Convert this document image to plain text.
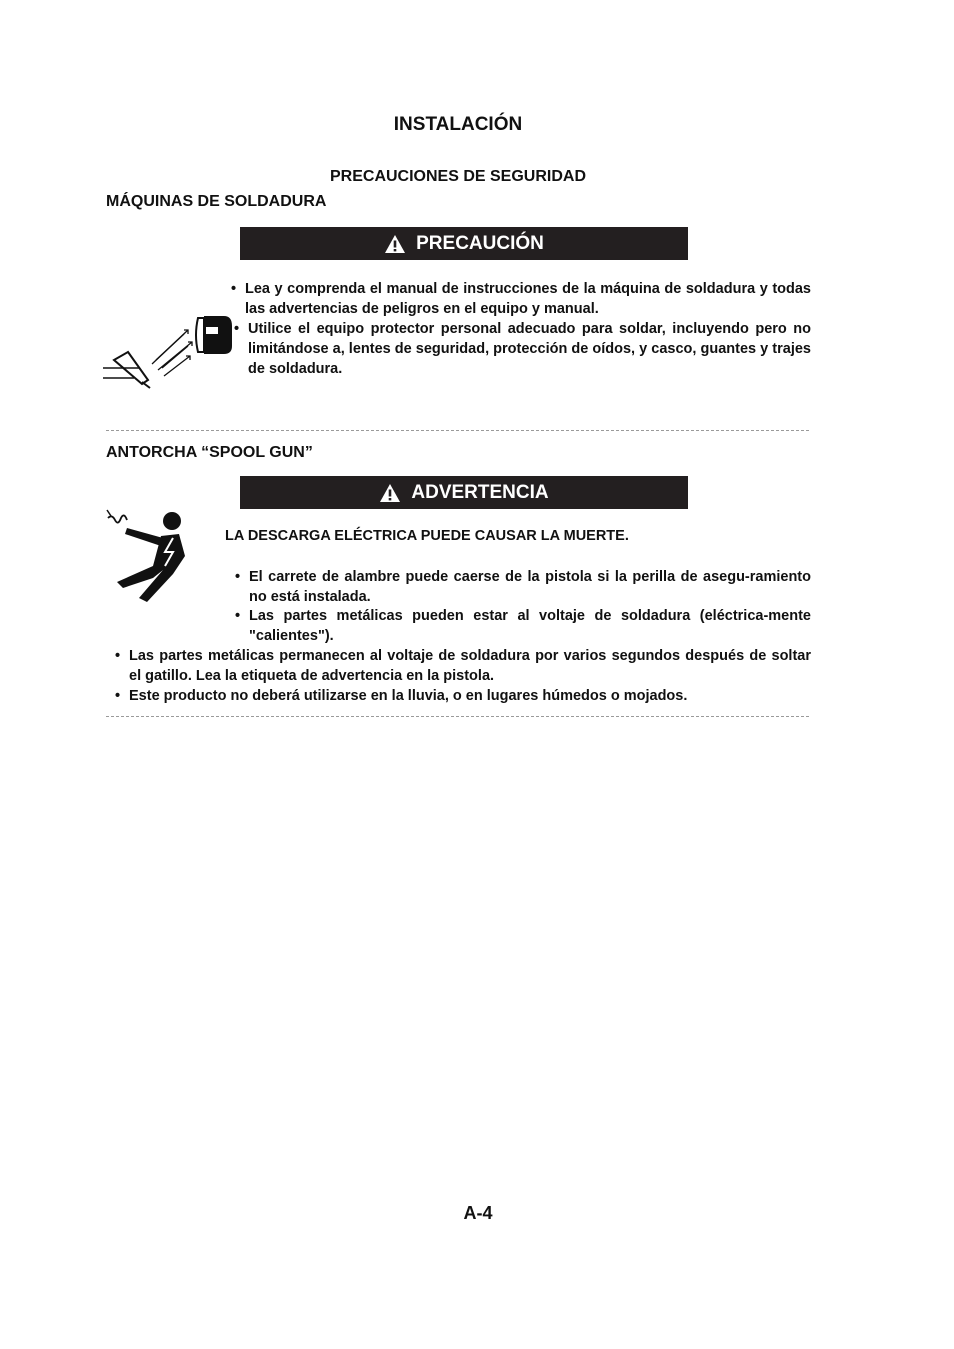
INSTALACIÓN
PRECAUCIONES DE SEGURIDAD
MÁQUINAS DE SOLDADURA
PRECAUCIÓN
• Lea y comprenda el manual de instrucciones de la máquina de soldadura y todas las advertencias de peligros en el equipo y manual.
• Utilice el equipo protector personal adecuado para soldar, incluyendo pero no limitándose a, lentes de seguridad, protección de oídos, y casco, guantes y trajes de soldadura.
ANTORCHA “SPOOL GUN”
ADVERTENCIA
LA DESCARGA ELÉCTRICA PUEDE CAUSAR LA MUERTE.
• El carrete de alambre puede caerse de la pistola si la perilla de asegu-ramiento no está instalada.
• Las partes metálicas pueden estar al voltaje de soldadura (eléctrica-mente "calientes").
• Las partes metálicas permanecen al voltaje de soldadura por varios segundos después de soltar el gatillo. Lea la etiqueta de advertencia en la pistola.
• Este producto no deberá utilizarse en la lluvia, o en lugares húmedos o mojados.
A-4
